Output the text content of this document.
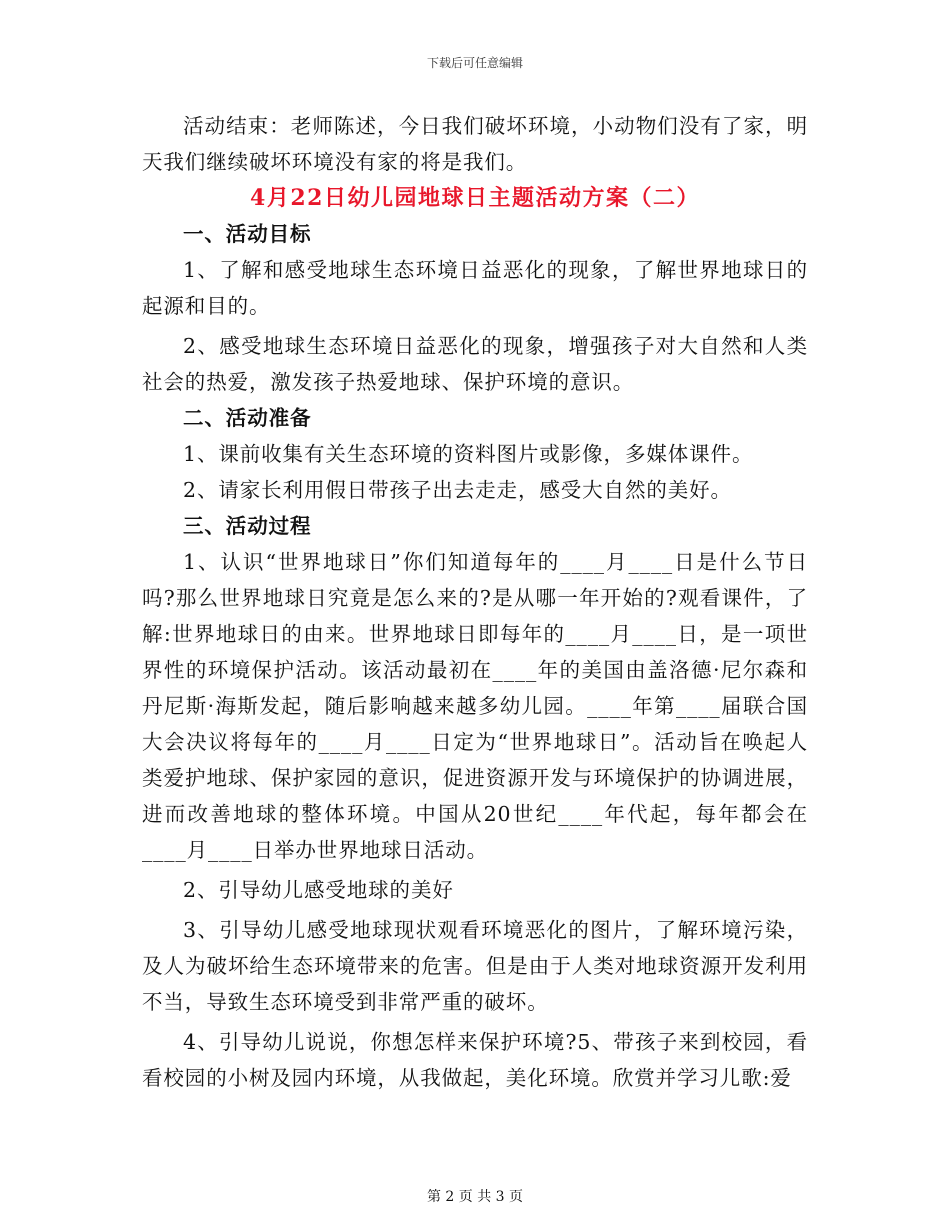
下载后可任意编辑

活动结束：老师陈述，今日我们破坏环境，小动物们没有了家，明天我们继续破坏环境没有家的将是我们。

4月22日幼儿园地球日主题活动方案（二）

一、活动目标

1、了解和感受地球生态环境日益恶化的现象，了解世界地球日的起源和目的。

2、感受地球生态环境日益恶化的现象，增强孩子对大自然和人类社会的热爱，激发孩子热爱地球、保护环境的意识。

二、活动准备

1、课前收集有关生态环境的资料图片或影像，多媒体课件。

2、请家长利用假日带孩子出去走走，感受大自然的美好。

三、活动过程

1、认识“世界地球日”你们知道每年的____月____日是什么节日吗?那么世界地球日究竟是怎么来的?是从哪一年开始的?观看课件，了解:世界地球日的由来。世界地球日即每年的____月____日，是一项世界性的环境保护活动。该活动最初在____年的美国由盖洛德·尼尔森和丹尼斯·海斯发起，随后影响越来越多幼儿园。____年第____届联合国大会决议将每年的____月____日定为“世界地球日”。活动旨在唤起人类爱护地球、保护家园的意识，促进资源开发与环境保护的协调进展，进而改善地球的整体环境。中国从20世纪____年代起，每年都会在____月____日举办世界地球日活动。

2、引导幼儿感受地球的美好

3、引导幼儿感受地球现状观看环境恶化的图片，了解环境污染，及人为破坏给生态环境带来的危害。但是由于人类对地球资源开发利用不当，导致生态环境受到非常严重的破坏。

4、引导幼儿说说，你想怎样来保护环境?5、带孩子来到校园，看看校园的小树及园内环境，从我做起，美化环境。欣赏并学习儿歌:爱

第 2 页 共 3 页
